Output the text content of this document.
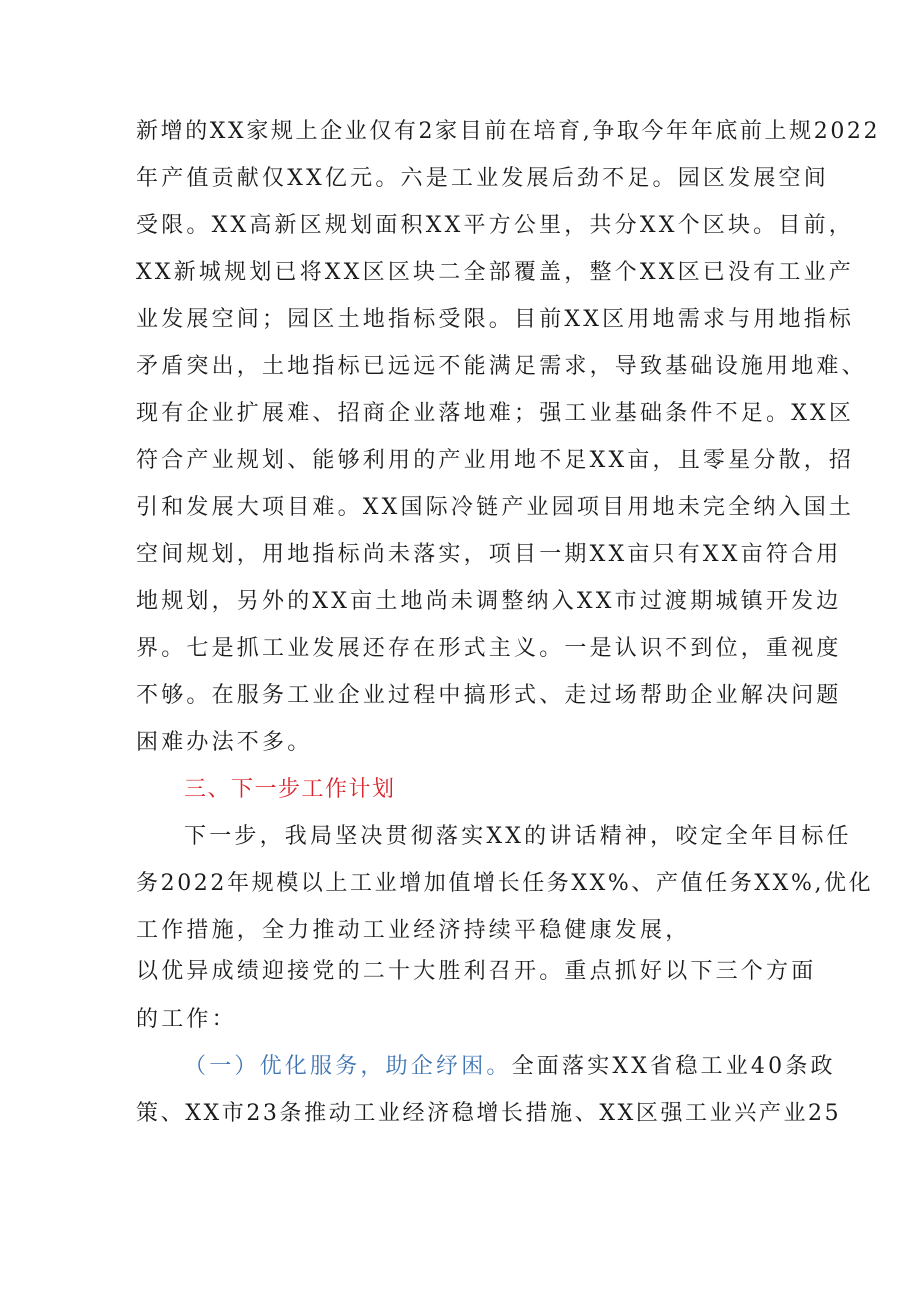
新增的XX家规上企业仅有2家目前在培育,争取今年年底前上规2022
年产值贡献仅XX亿元。六是工业发展后劲不足。园区发展空间
受限。XX高新区规划面积XX平方公里，共分XX个区块。目前，
XX新城规划已将XX区区块二全部覆盖，整个XX区已没有工业产
业发展空间；园区土地指标受限。目前XX区用地需求与用地指标
矛盾突出，土地指标已远远不能满足需求，导致基础设施用地难、
现有企业扩展难、招商企业落地难；强工业基础条件不足。XX区
符合产业规划、能够利用的产业用地不足XX亩，且零星分散，招
引和发展大项目难。XX国际冷链产业园项目用地未完全纳入国土
空间规划，用地指标尚未落实，项目一期XX亩只有XX亩符合用
地规划，另外的XX亩土地尚未调整纳入XX市过渡期城镇开发边
界。七是抓工业发展还存在形式主义。一是认识不到位，重视度
不够。在服务工业企业过程中搞形式、走过场帮助企业解决问题
困难办法不多。
三、下一步工作计划
下一步，我局坚决贯彻落实XX的讲话精神，咬定全年目标任
务2022年规模以上工业增加值增长任务XX%、产值任务XX%,优化
工作措施，全力推动工业经济持续平稳健康发展，
以优异成绩迎接党的二十大胜利召开。重点抓好以下三个方面
的工作：
（一）优化服务，助企纾困。全面落实XX省稳工业40条政
策、XX市23条推动工业经济稳增长措施、XX区强工业兴产业25
